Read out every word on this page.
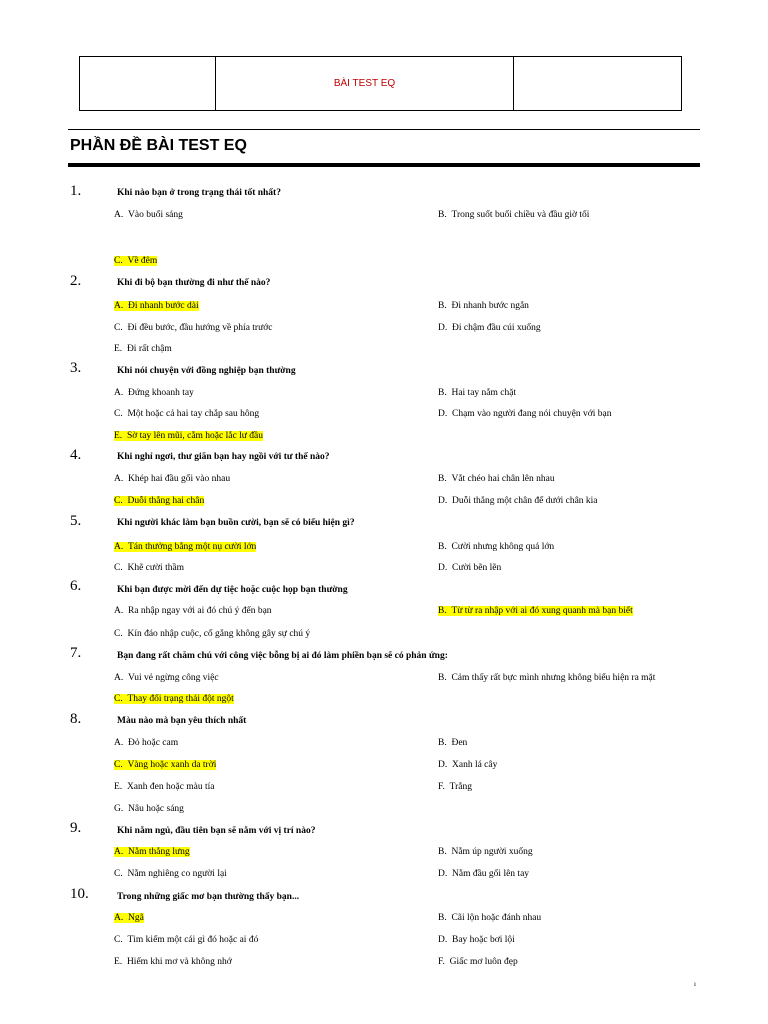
BÀI TEST EQ
PHẦN ĐỀ BÀI TEST EQ
1.	Khi nào bạn ở trong trạng thái tốt nhất?
A. Vào buổi sáng	B. Trong suốt buổi chiều và đầu giờ tối
C. Về đêm
2.	Khi đi bộ bạn thường đi như thế nào?
A. Đi nhanh bước dài	B. Đi nhanh bước ngắn
C. Đi đều bước, đầu hướng về phía trước	D. Đi chậm đầu cúi xuống
E. Đi rất chậm
3.	Khi nói chuyện với đồng nghiệp bạn thường
A. Đứng khoanh tay	B. Hai tay nắm chặt
C. Một hoặc cả hai tay chắp sau hông	D. Chạm vào người đang nói chuyện với bạn
E. Sờ tay lên mũi, cằm hoặc lắc lư đầu
4.	Khi nghỉ ngơi, thư giãn bạn hay ngồi với tư thế nào?
A. Khép hai đầu gối vào nhau	B. Vắt chéo hai chân lên nhau
C. Duỗi thẳng hai chân	D. Duỗi thẳng một chân để dưới chân kia
5.	Khi người khác làm bạn buồn cười, bạn sẽ có biểu hiện gì?
A. Tán thưởng bằng một nụ cười lớn	B. Cười nhưng không quá lớn
C. Khẽ cười thầm	D. Cười bẽn lẽn
6.	Khi bạn được mời đến dự tiệc hoặc cuộc họp bạn thường
A. Ra nhập ngay với ai đó chú ý đến bạn	B. Từ từ ra nhập với ai đó xung quanh mà bạn biết
C. Kín đáo nhập cuộc, cố gắng không gây sự chú ý
7.	Bạn đang rất chăm chú với công việc bỗng bị ai đó làm phiền bạn sẽ có phản ứng:
A. Vui vẻ ngừng công việc	B. Cảm thấy rất bực mình nhưng không biểu hiện ra mặt
C. Thay đổi trạng thái đột ngột
8.	Màu nào mà bạn yêu thích nhất
A. Đỏ hoặc cam	B. Đen
C. Vàng hoặc xanh da trời	D. Xanh lá cây
E. Xanh đen hoặc màu tía	F. Trắng
G. Nâu hoặc sáng
9.	Khi nằm ngủ, đầu tiên bạn sẽ nằm với vị trí nào?
A. Nằm thẳng lưng	B. Nằm úp người xuống
C. Nằm nghiêng co người lại	D. Nằm đầu gối lên tay
10.	Trong những giấc mơ bạn thường thấy bạn...
A. Ngã	B. Cãi lộn hoặc đánh nhau
C. Tìm kiếm một cái gì đó hoặc ai đó	D. Bay hoặc bơi lội
E. Hiếm khi mơ và không nhớ	F. Giấc mơ luôn đẹp
ı
